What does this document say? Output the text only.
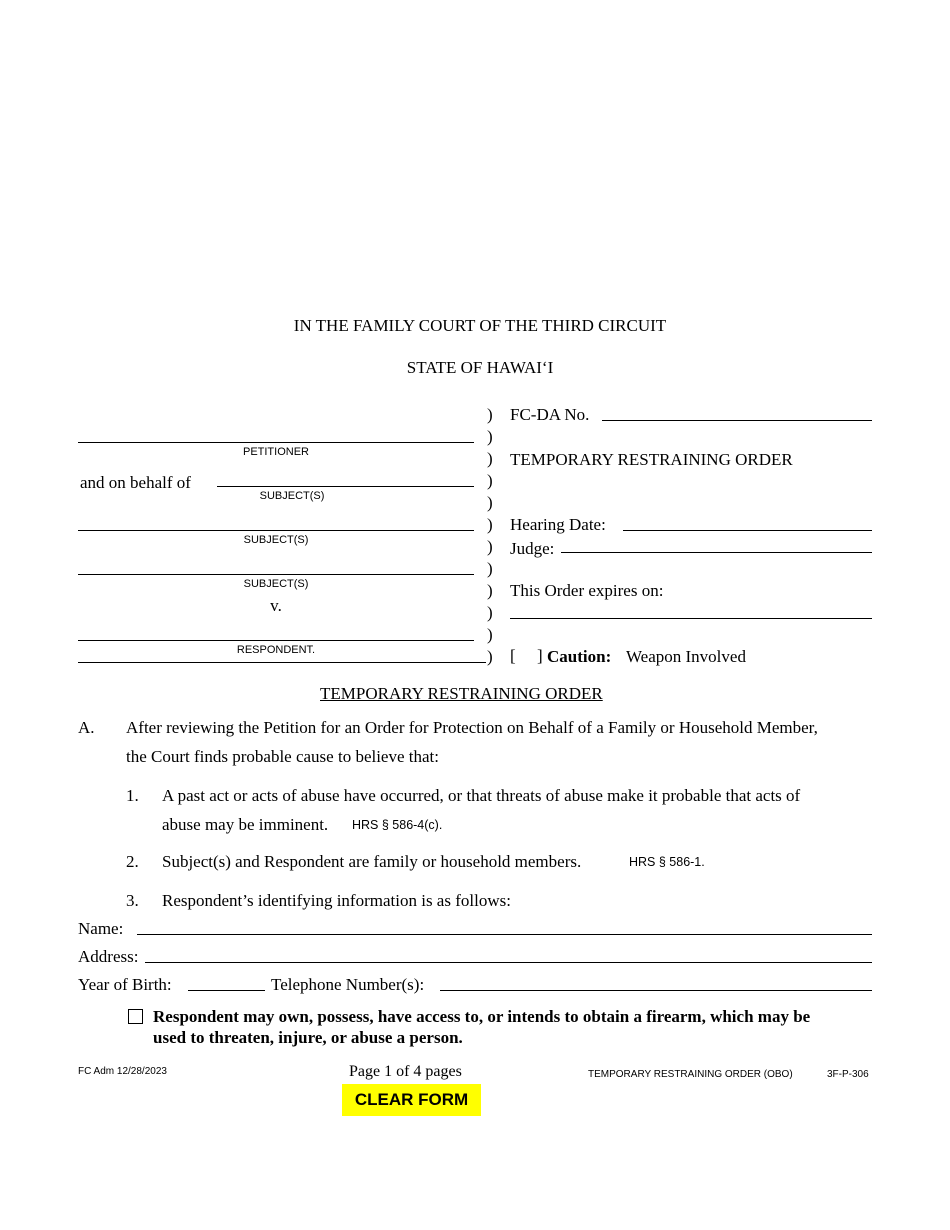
IN THE FAMILY COURT OF THE THIRD CIRCUIT
STATE OF HAWAI‘I
PETITIONER
and on behalf of
SUBJECT(S)
SUBJECT(S)
SUBJECT(S)
v.
RESPONDENT.
)
)
)
)
)
)
)
)
)
)
)
)
FC-DA No.
TEMPORARY RESTRAINING ORDER
Hearing Date:
Judge:
This Order expires on:
[ ] Caution: Weapon Involved
TEMPORARY RESTRAINING ORDER
A. After reviewing the Petition for an Order for Protection on Behalf of a Family or Household Member,
the Court finds probable cause to believe that:
1. A past act or acts of abuse have occurred, or that threats of abuse make it probable that acts of
abuse may be imminent. HRS § 586-4(c).
2. Subject(s) and Respondent are family or household members.	HRS § 586-1.
3. Respondent’s identifying information is as follows:
Name:
Address:
Year of Birth:	Telephone Number(s):
Respondent may own, possess, have access to, or intends to obtain a firearm, which may be
used to threaten, injure, or abuse a person.
FC Adm 12/28/2023	Page 1 of 4 pages	TEMPORARY RESTRAINING ORDER (OBO)	3F-P-306
CLEAR FORM
